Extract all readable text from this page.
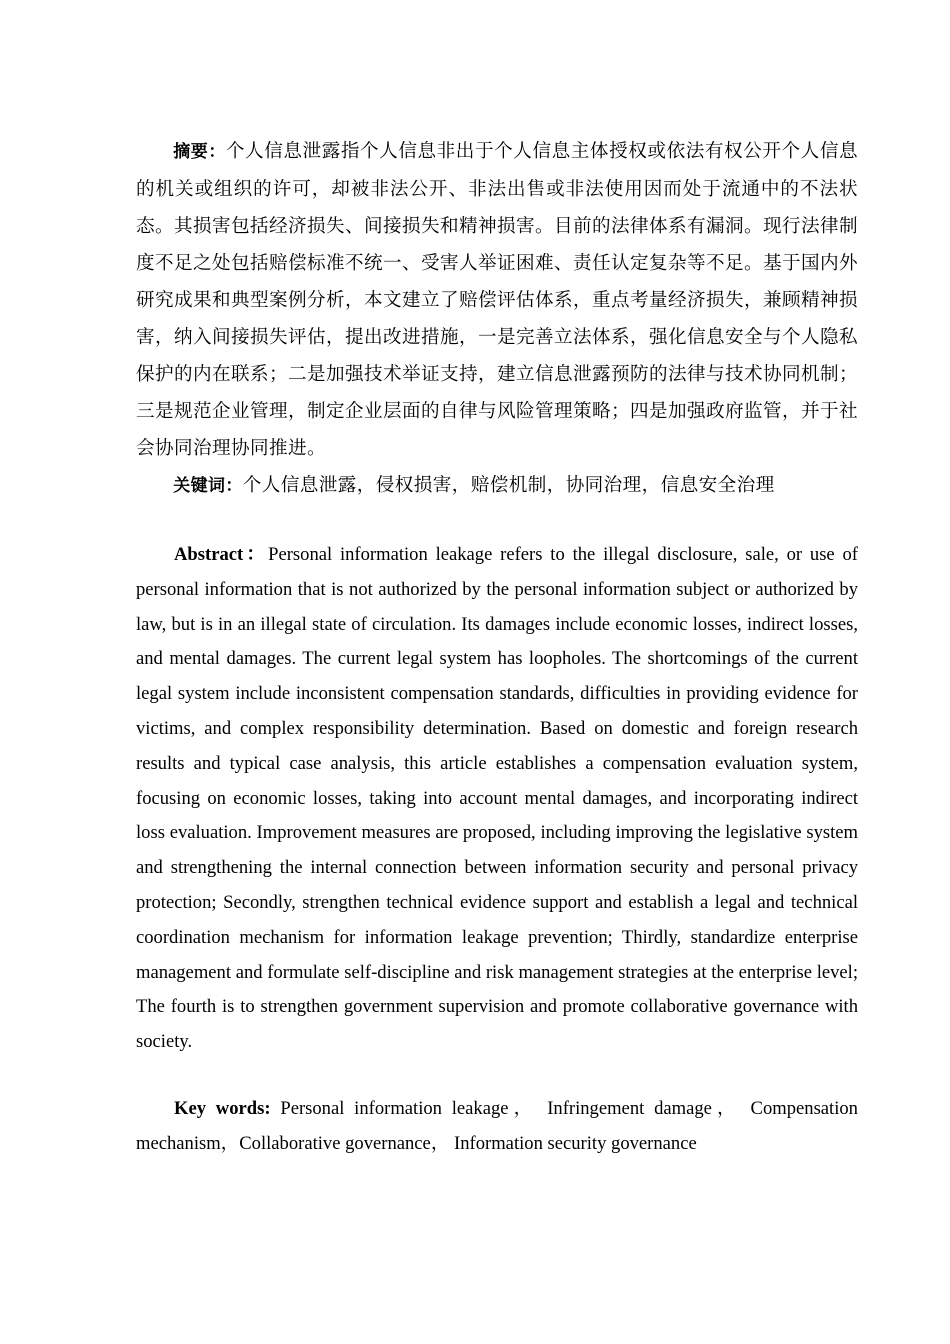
摘要：个人信息泄露指个人信息非出于个人信息主体授权或依法有权公开个人信息的机关或组织的许可，却被非法公开、非法出售或非法使用因而处于流通中的不法状态。其损害包括经济损失、间接损失和精神损害。目前的法律体系有漏洞。现行法律制度不足之处包括赔偿标准不统一、受害人举证困难、责任认定复杂等不足。基于国内外研究成果和典型案例分析，本文建立了赔偿评估体系，重点考量经济损失，兼顾精神损害，纳入间接损失评估，提出改进措施，一是完善立法体系，强化信息安全与个人隐私保护的内在联系；二是加强技术举证支持，建立信息泄露预防的法律与技术协同机制；三是规范企业管理，制定企业层面的自律与风险管理策略；四是加强政府监管，并于社会协同治理协同推进。

关键词：个人信息泄露，侵权损害，赔偿机制，协同治理，信息安全治理

Abstract：Personal information leakage refers to the illegal disclosure, sale, or use of personal information that is not authorized by the personal information subject or authorized by law, but is in an illegal state of circulation. Its damages include economic losses, indirect losses, and mental damages. The current legal system has loopholes. The shortcomings of the current legal system include inconsistent compensation standards, difficulties in providing evidence for victims, and complex responsibility determination. Based on domestic and foreign research results and typical case analysis, this article establishes a compensation evaluation system, focusing on economic losses, taking into account mental damages, and incorporating indirect loss evaluation. Improvement measures are proposed, including improving the legislative system and strengthening the internal connection between information security and personal privacy protection; Secondly, strengthen technical evidence support and establish a legal and technical coordination mechanism for information leakage prevention; Thirdly, standardize enterprise management and formulate self-discipline and risk management strategies at the enterprise level; The fourth is to strengthen government supervision and promote collaborative governance with society.

Key words: Personal information leakage， Infringement damage， Compensation mechanism，Collaborative governance， Information security governance
